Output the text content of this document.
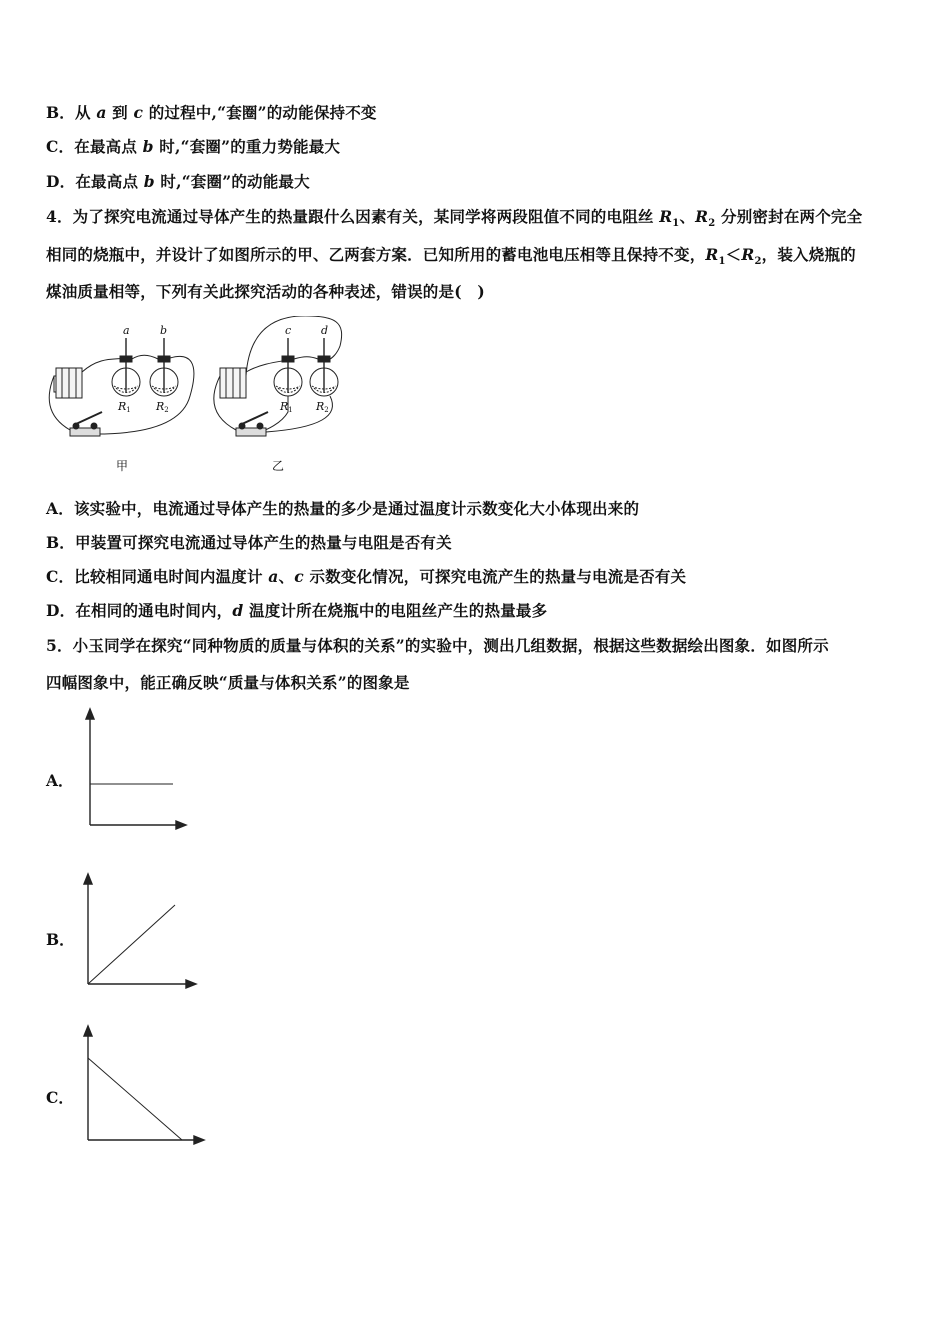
B．从 a 到 c 的过程中,“套圈”的动能保持不变
C．在最高点 b 时,“套圈”的重力势能最大
D．在最高点 b 时,“套圈”的动能最大
4．为了探究电流通过导体产生的热量跟什么因素有关，某同学将两段阻值不同的电阻丝 $R_1$、$R_2$ 分别密封在两个完全
相同的烧瓶中，并设计了如图所示的甲、乙两套方案．已知所用的蓄电池电压相等且保持不变，$R_1<R_2$，装入烧瓶的
煤油质量相等，下列有关此探究活动的各种表述，错误的是(　)
a	b	c	d
R1 R2	R1 R2
甲	乙
A．该实验中，电流通过导体产生的热量的多少是通过温度计示数变化大小体现出来的
B．甲装置可探究电流通过导体产生的热量与电阻是否有关
C．比较相同通电时间内温度计 a、c 示数变化情况，可探究电流产生的热量与电流是否有关
D．在相同的通电时间内，d 温度计所在烧瓶中的电阻丝产生的热量最多
5．小玉同学在探究“同种物质的质量与体积的关系”的实验中，测出几组数据，根据这些数据绘出图象．如图所示
四幅图象中，能正确反映“质量与体积关系”的图象是
A．
B．
C．
